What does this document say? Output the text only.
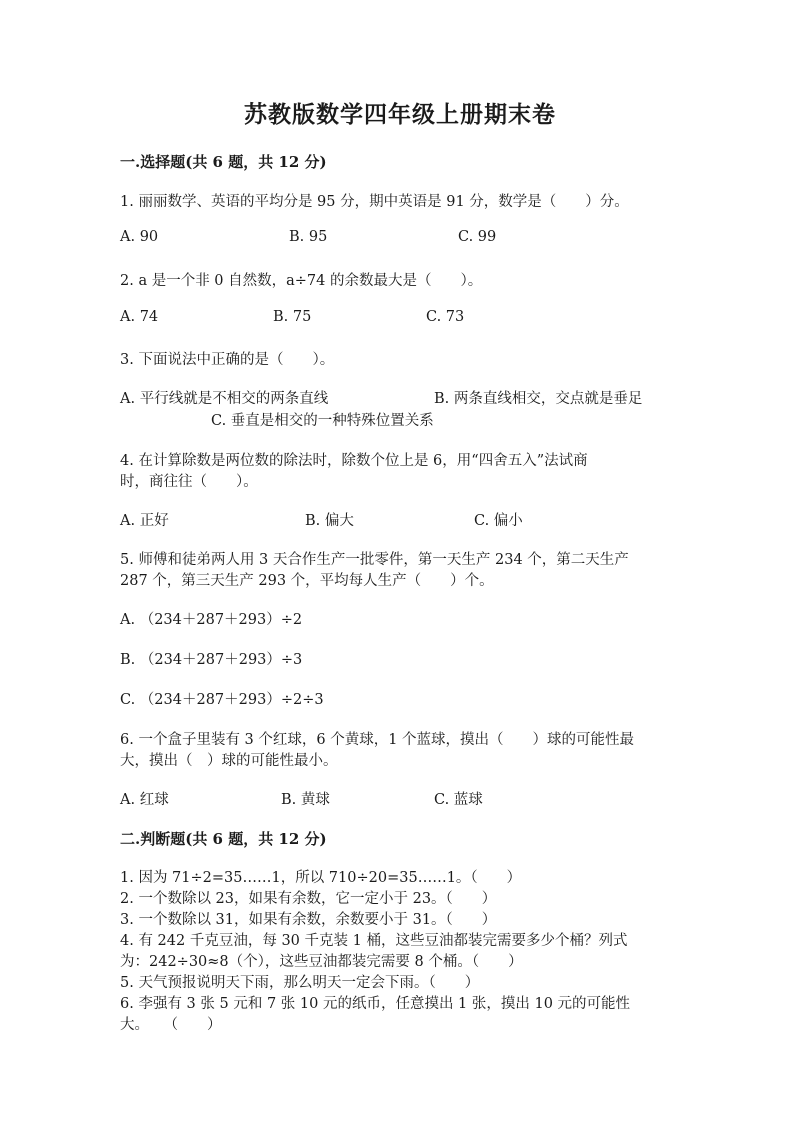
苏教版数学四年级上册期末卷
一.选择题(共 6 题，共 12 分)
1. 丽丽数学、英语的平均分是 95 分，期中英语是 91 分，数学是（　　）分。
A. 90	B. 95	C. 99
2. a 是一个非 0 自然数，a÷74 的余数最大是（　　）。
A. 74	B. 75	C. 73
3. 下面说法中正确的是（　　）。
A. 平行线就是不相交的两条直线	B. 两条直线相交，交点就是垂足
C. 垂直是相交的一种特殊位置关系
4. 在计算除数是两位数的除法时，除数个位上是 6，用“四舍五入”法试商
时，商往往（　　）。
A. 正好	B. 偏大	C. 偏小
5. 师傅和徒弟两人用 3 天合作生产一批零件，第一天生产 234 个，第二天生产
287 个，第三天生产 293 个，平均每人生产（　　）个。
A. （234＋287＋293）÷2
B. （234＋287＋293）÷3
C. （234＋287＋293）÷2÷3
6. 一个盒子里装有 3 个红球，6 个黄球，1 个蓝球，摸出（　　）球的可能性最
大，摸出（　）球的可能性最小。
A. 红球	B. 黄球	C. 蓝球
二.判断题(共 6 题，共 12 分)
1. 因为 71÷2=35……1，所以 710÷20=35……1。（　　）
2. 一个数除以 23，如果有余数，它一定小于 23。（　　）
3. 一个数除以 31，如果有余数，余数要小于 31。（　　）
4. 有 242 千克豆油，每 30 千克装 1 桶，这些豆油都装完需要多少个桶？列式
为：242÷30≈8（个），这些豆油都装完需要 8 个桶。（　　）
5. 天气预报说明天下雨，那么明天一定会下雨。（　　）
6. 李强有 3 张 5 元和 7 张 10 元的纸币，任意摸出 1 张，摸出 10 元的可能性
大。　　（　　）
